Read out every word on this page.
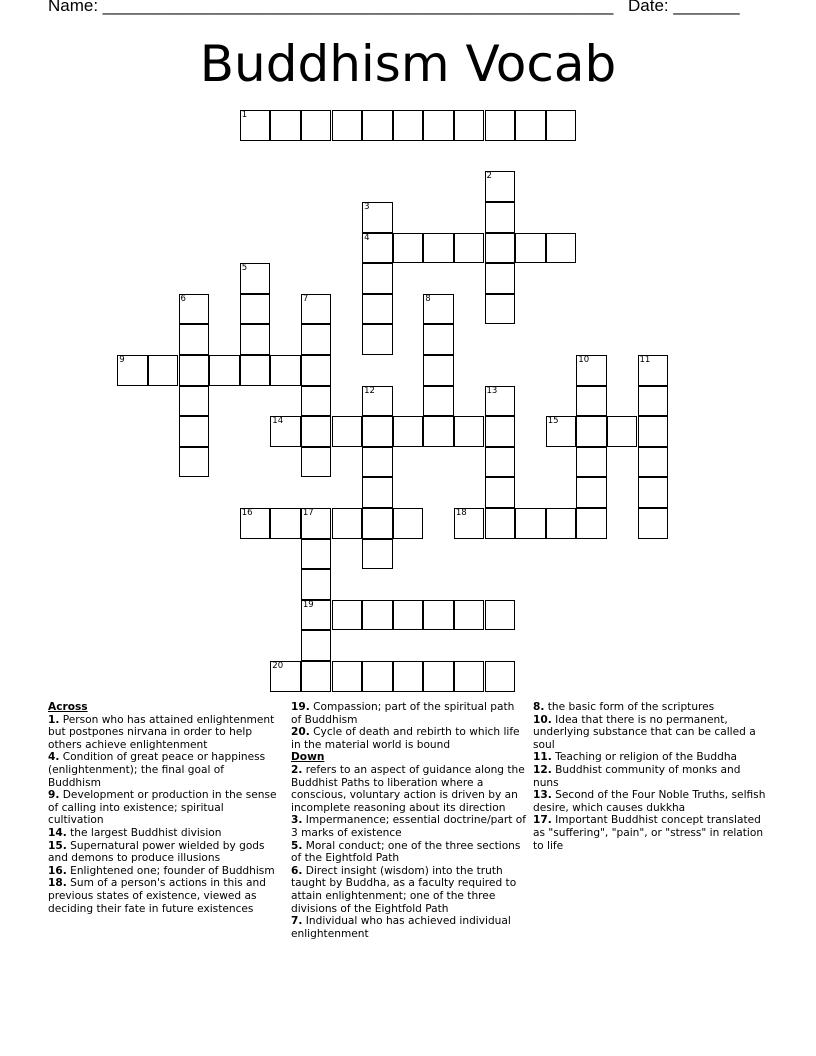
Name: ______________________________________________________ Date: _______
Buddhism Vocab
1
2
3
4
5
6	7	8
9	10	11
12	13
14	15
16	17	18
19
20
Across
1. Person who has attained enlightenment but postpones nirvana in order to help others achieve enlightenment
4. Condition of great peace or happiness (enlightenment); the final goal of Buddhism
9. Development or production in the sense of calling into existence; spiritual cultivation
14. the largest Buddhist division
15. Supernatural power wielded by gods and demons to produce illusions
16. Enlightened one; founder of Buddhism
18. Sum of a person's actions in this and previous states of existence, viewed as deciding their fate in future existences
19. Compassion; part of the spiritual path of Buddhism
20. Cycle of death and rebirth to which life in the material world is bound
Down
2. refers to an aspect of guidance along the Buddhist Paths to liberation where a conscious, voluntary action is driven by an incomplete reasoning about its direction
3. Impermanence; essential doctrine/part of 3 marks of existence
5. Moral conduct; one of the three sections of the Eightfold Path
6. Direct insight (wisdom) into the truth taught by Buddha, as a faculty required to attain enlightenment; one of the three divisions of the Eightfold Path
7. Individual who has achieved individual enlightenment
8. the basic form of the scriptures
10. Idea that there is no permanent, underlying substance that can be called a soul
11. Teaching or religion of the Buddha
12. Buddhist community of monks and nuns
13. Second of the Four Noble Truths, selfish desire, which causes dukkha
17. Important Buddhist concept translated as "suffering", "pain", or "stress" in relation to life
